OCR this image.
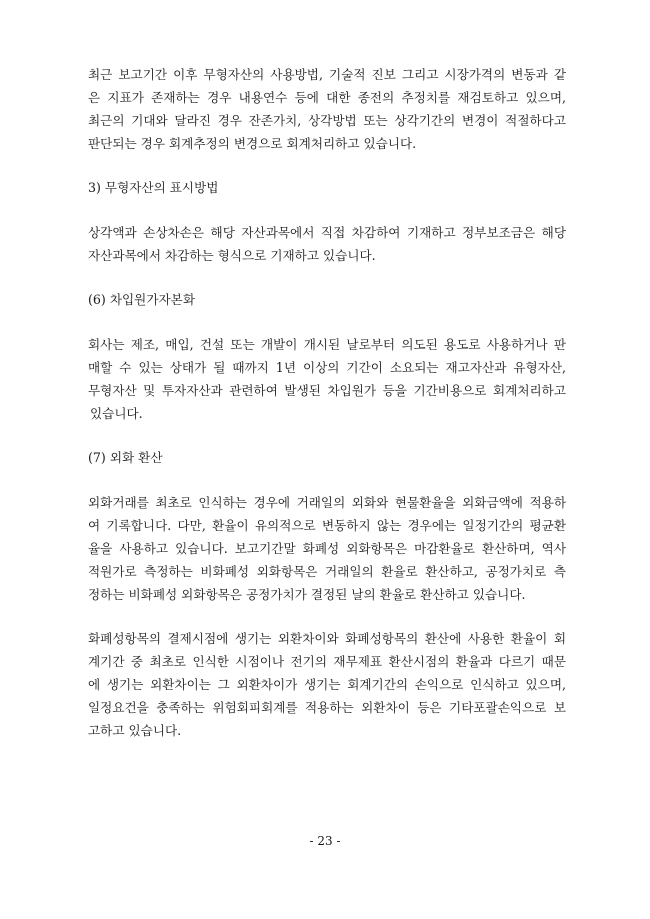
최근 보고기간 이후 무형자산의 사용방법, 기술적 진보 그리고 시장가격의 변동과 같
은 지표가 존재하는 경우 내용연수 등에 대한 종전의 추정치를 재검토하고 있으며,
최근의 기대와 달라진 경우 잔존가치, 상각방법 또는 상각기간의 변경이 적절하다고
판단되는 경우 회계추정의 변경으로 회계처리하고 있습니다.
3) 무형자산의 표시방법
상각액과 손상차손은 해당 자산과목에서 직접 차감하여 기재하고 정부보조금은 해당
자산과목에서 차감하는 형식으로 기재하고 있습니다.
(6) 차입원가자본화
회사는 제조, 매입, 건설 또는 개발이 개시된 날로부터 의도된 용도로 사용하거나 판
매할 수 있는 상태가 될 때까지 1년 이상의 기간이 소요되는 재고자산과 유형자산,
무형자산 및 투자자산과 관련하여 발생된 차입원가 등을 기간비용으로 회계처리하고
있습니다.
(7) 외화 환산
외화거래를 최초로 인식하는 경우에 거래일의 외화와 현물환율을 외화금액에 적용하
여 기록합니다. 다만, 환율이 유의적으로 변동하지 않는 경우에는 일정기간의 평균환
율을 사용하고 있습니다. 보고기간말 화폐성 외화항목은 마감환율로 환산하며, 역사
적원가로 측정하는 비화폐성 외화항목은 거래일의 환율로 환산하고, 공정가치로 측
정하는 비화폐성 외화항목은 공정가치가 결정된 날의 환율로 환산하고 있습니다.
화폐성항목의 결제시점에 생기는 외환차이와 화폐성항목의 환산에 사용한 환율이 회
계기간 중 최초로 인식한 시점이나 전기의 재무제표 환산시점의 환율과 다르기 때문
에 생기는 외환차이는 그 외환차이가 생기는 회계기간의 손익으로 인식하고 있으며,
일정요건을 충족하는 위험회피회계를 적용하는 외환차이 등은 기타포괄손익으로 보
고하고 있습니다.
- 23 -
